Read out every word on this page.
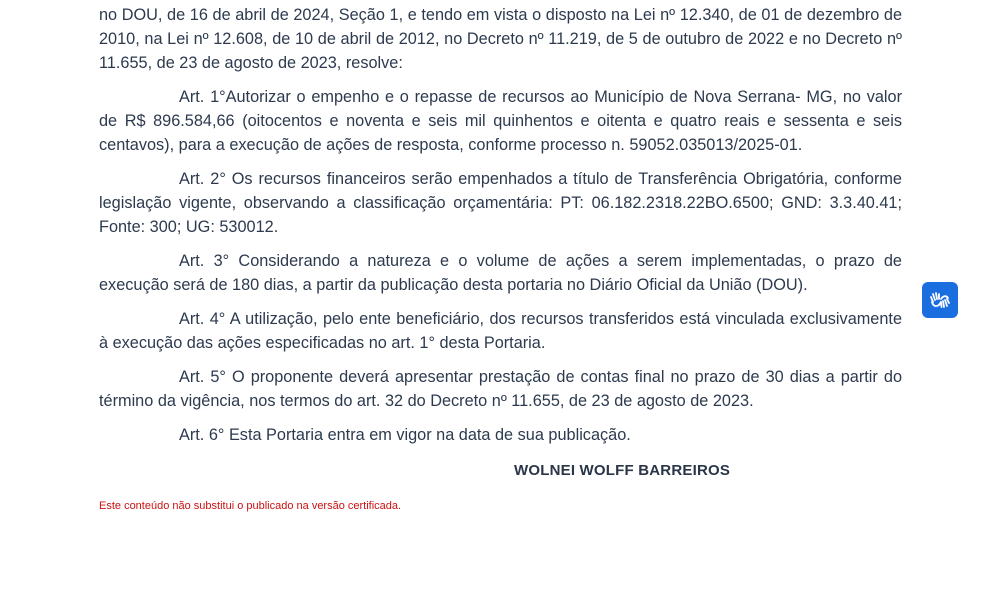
no DOU, de 16 de abril de 2024, Seção 1, e tendo em vista o disposto na Lei nº 12.340, de 01 de dezembro de 2010, na Lei nº 12.608, de 10 de abril de 2012, no Decreto nº 11.219, de 5 de outubro de 2022 e no Decreto nº 11.655, de 23 de agosto de 2023, resolve:

Art. 1°Autorizar o empenho e o repasse de recursos ao Município de Nova Serrana- MG, no valor de R$ 896.584,66 (oitocentos e noventa e seis mil quinhentos e oitenta e quatro reais e sessenta e seis centavos), para a execução de ações de resposta, conforme processo n. 59052.035013/2025-01.

Art. 2° Os recursos financeiros serão empenhados a título de Transferência Obrigatória, conforme legislação vigente, observando a classificação orçamentária: PT: 06.182.2318.22BO.6500; GND: 3.3.40.41; Fonte: 300; UG: 530012.

Art. 3° Considerando a natureza e o volume de ações a serem implementadas, o prazo de execução será de 180 dias, a partir da publicação desta portaria no Diário Oficial da União (DOU).

Art. 4° A utilização, pelo ente beneficiário, dos recursos transferidos está vinculada exclusivamente à execução das ações especificadas no art. 1° desta Portaria.

Art. 5° O proponente deverá apresentar prestação de contas final no prazo de 30 dias a partir do término da vigência, nos termos do art. 32 do Decreto nº 11.655, de 23 de agosto de 2023.

Art. 6° Esta Portaria entra em vigor na data de sua publicação.

WOLNEI WOLFF BARREIROS
Este conteúdo não substitui o publicado na versão certificada.
